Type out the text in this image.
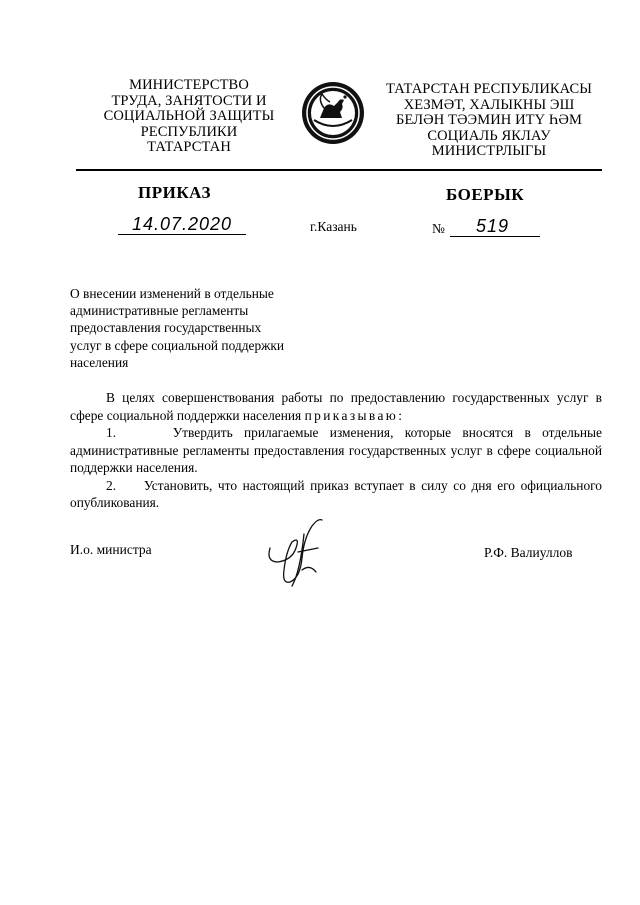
МИНИСТЕРСТВО
ТРУДА, ЗАНЯТОСТИ И
СОЦИАЛЬНОЙ ЗАЩИТЫ
РЕСПУБЛИКИ
ТАТАРСТАН
ТАТАРСТАН РЕСПУБЛИКАСЫ
ХЕЗМӘТ, ХАЛЫКНЫ ЭШ
БЕЛӘН ТӘЭМИН ИТҮ ҺӘМ
СОЦИАЛЬ ЯКЛАУ
МИНИСТРЛЫГЫ
ПРИКАЗ	БОЕРЫК
14.07.2020	г.Казань	№	519
О внесении изменений в отдельные
административные регламенты
предоставления государственных
услуг в сфере социальной поддержки
населения

В целях совершенствования работы по предоставлению государственных услуг в сфере социальной поддержки населения приказываю:

1.     Утвердить прилагаемые изменения, которые вносятся в отдельные административные регламенты предоставления государственных услуг в сфере социальной поддержки населения.

2.     Установить, что настоящий приказ вступает в силу со дня его официального опубликования.

И.о. министра	Р.Ф. Валиуллов
